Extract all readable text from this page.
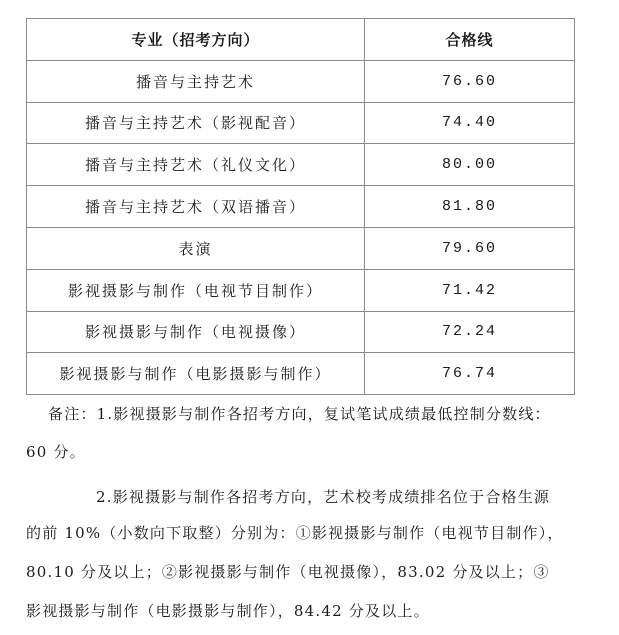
专业（招考方向）	合格线
播音与主持艺术	76.60
播音与主持艺术（影视配音）	74.40
播音与主持艺术（礼仪文化）	80.00
播音与主持艺术（双语播音）	81.80
表演	79.60
影视摄影与制作（电视节目制作）	71.42
影视摄影与制作（电视摄像）	72.24
影视摄影与制作（电影摄影与制作）	76.74
备注：1.影视摄影与制作各招考方向，复试笔试成绩最低控制分数线：
60 分。
2.影视摄影与制作各招考方向，艺术校考成绩排名位于合格生源
的前 10%（小数向下取整）分别为：①影视摄影与制作（电视节目制作），
80.10 分及以上；②影视摄影与制作（电视摄像），83.02 分及以上；③
影视摄影与制作（电影摄影与制作），84.42 分及以上。
